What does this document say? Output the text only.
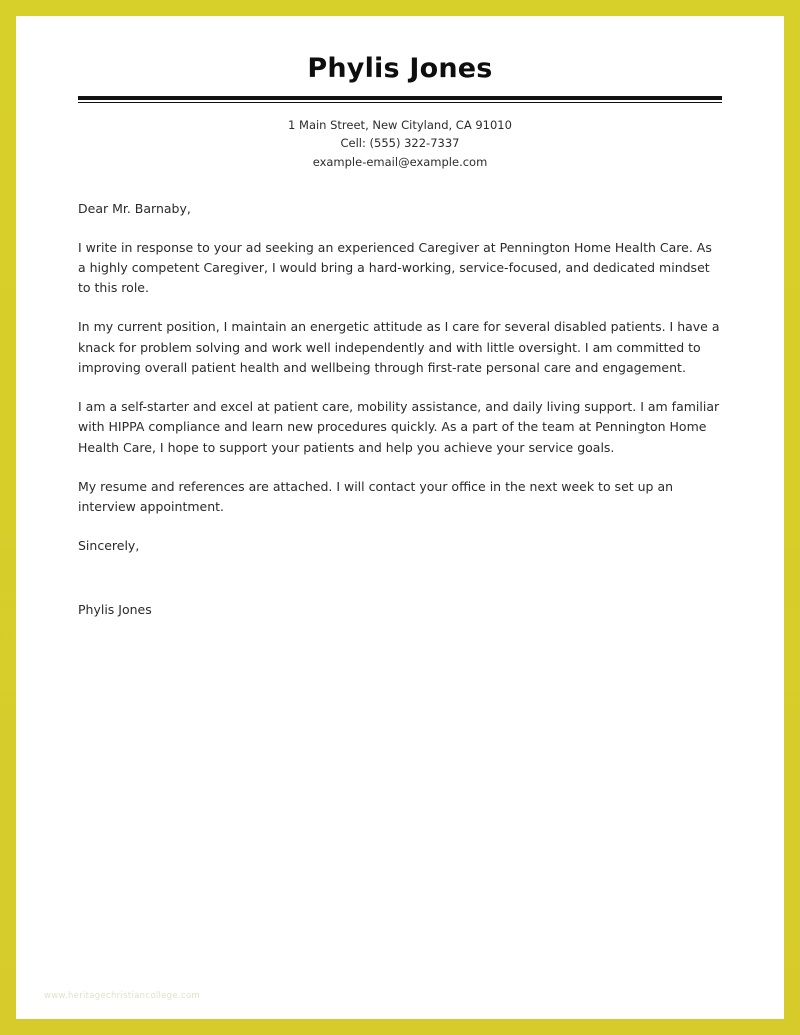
Phylis Jones
1 Main Street, New Cityland, CA 91010
Cell: (555) 322-7337
example-email@example.com

Dear Mr. Barnaby,

I write in response to your ad seeking an experienced Caregiver at Pennington Home Health Care. As a highly competent Caregiver, I would bring a hard-working, service-focused, and dedicated mindset to this role.

In my current position, I maintain an energetic attitude as I care for several disabled patients. I have a knack for problem solving and work well independently and with little oversight. I am committed to improving overall patient health and wellbeing through first-rate personal care and engagement.

I am a self-starter and excel at patient care, mobility assistance, and daily living support. I am familiar with HIPPA compliance and learn new procedures quickly. As a part of the team at Pennington Home Health Care, I hope to support your patients and help you achieve your service goals.

My resume and references are attached. I will contact your office in the next week to set up an interview appointment.

Sincerely,

Phylis Jones

www.heritagechristiancollege.com
